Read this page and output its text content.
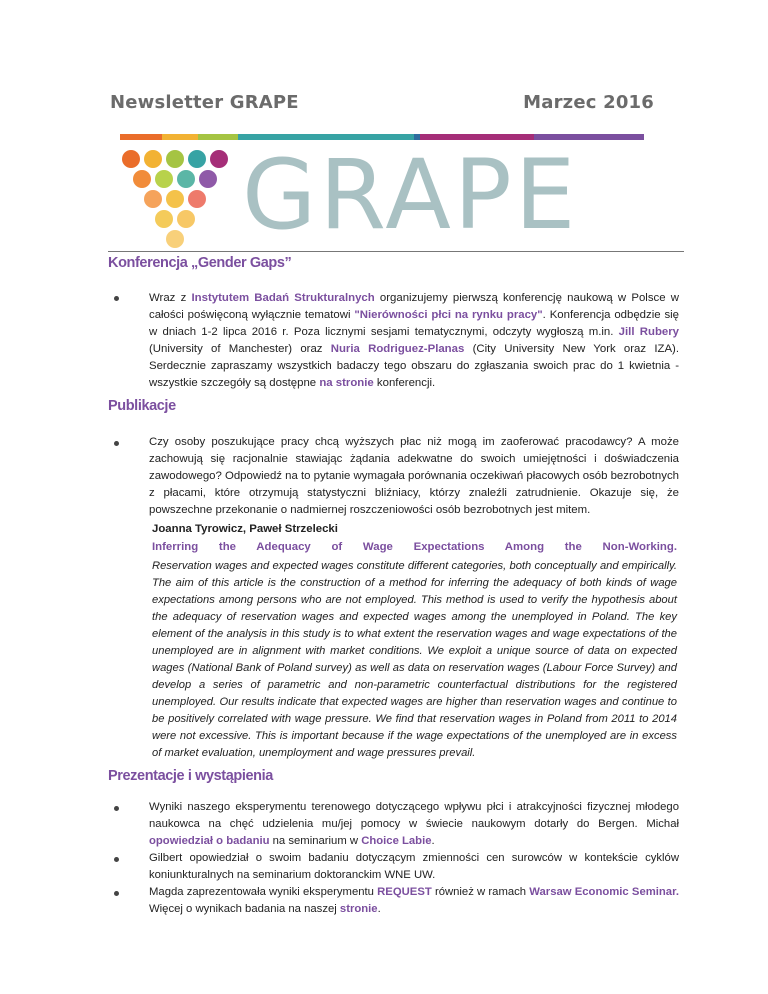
Newsletter GRAPE	Marzec 2016
GRAPE
Konferencja „Gender Gaps”
Wraz z Instytutem Badań Strukturalnych organizujemy pierwszą konferencję naukową w Polsce w całości poświęconą wyłącznie tematowi "Nierówności płci na rynku pracy". Konferencja odbędzie się w dniach 1-2 lipca 2016 r. Poza licznymi sesjami tematycznymi, odczyty wygłoszą m.in. Jill Rubery (University of Manchester) oraz Nuria Rodriguez-Planas (City University New York oraz IZA). Serdecznie zapraszamy wszystkich badaczy tego obszaru do zgłaszania swoich prac do 1 kwietnia - wszystkie szczegóły są dostępne na stronie konferencji.
Publikacje
Czy osoby poszukujące pracy chcą wyższych płac niż mogą im zaoferować pracodawcy? A może zachowują się racjonalnie stawiając żądania adekwatne do swoich umiejętności i doświadczenia zawodowego? Odpowiedź na to pytanie wymagała porównania oczekiwań płacowych osób bezrobotnych z płacami, które otrzymują statystyczni bliźniacy, którzy znaleźli zatrudnienie. Okazuje się, że powszechne przekonanie o nadmiernej roszczeniowości osób bezrobotnych jest mitem.
Joanna Tyrowicz, Paweł Strzelecki
Inferring the Adequacy of Wage Expectations Among the Non-Working.
Reservation wages and expected wages constitute different categories, both conceptually and empirically. The aim of this article is the construction of a method for inferring the adequacy of both kinds of wage expectations among persons who are not employed. This method is used to verify the hypothesis about the adequacy of reservation wages and expected wages among the unemployed in Poland. The key element of the analysis in this study is to what extent the reservation wages and wage expectations of the unemployed are in alignment with market conditions. We exploit a unique source of data on expected wages (National Bank of Poland survey) as well as data on reservation wages (Labour Force Survey) and develop a series of parametric and non-parametric counterfactual distributions for the registered unemployed. Our results indicate that expected wages are higher than reservation wages and continue to be positively correlated with wage pressure. We find that reservation wages in Poland from 2011 to 2014 were not excessive. This is important because if the wage expectations of the unemployed are in excess of market evaluation, unemployment and wage pressures prevail.
Prezentacje i wystąpienia
Wyniki naszego eksperymentu terenowego dotyczącego wpływu płci i atrakcyjności fizycznej młodego naukowca na chęć udzielenia mu/jej pomocy w świecie naukowym dotarły do Bergen. Michał opowiedział o badaniu na seminarium w Choice Labie.
Gilbert opowiedział o swoim badaniu dotyczącym zmienności cen surowców w kontekście cyklów koniunkturalnych na seminarium doktoranckim WNE UW.
Magda zaprezentowała wyniki eksperymentu REQUEST również w ramach Warsaw Economic Seminar. Więcej o wynikach badania na naszej stronie.
